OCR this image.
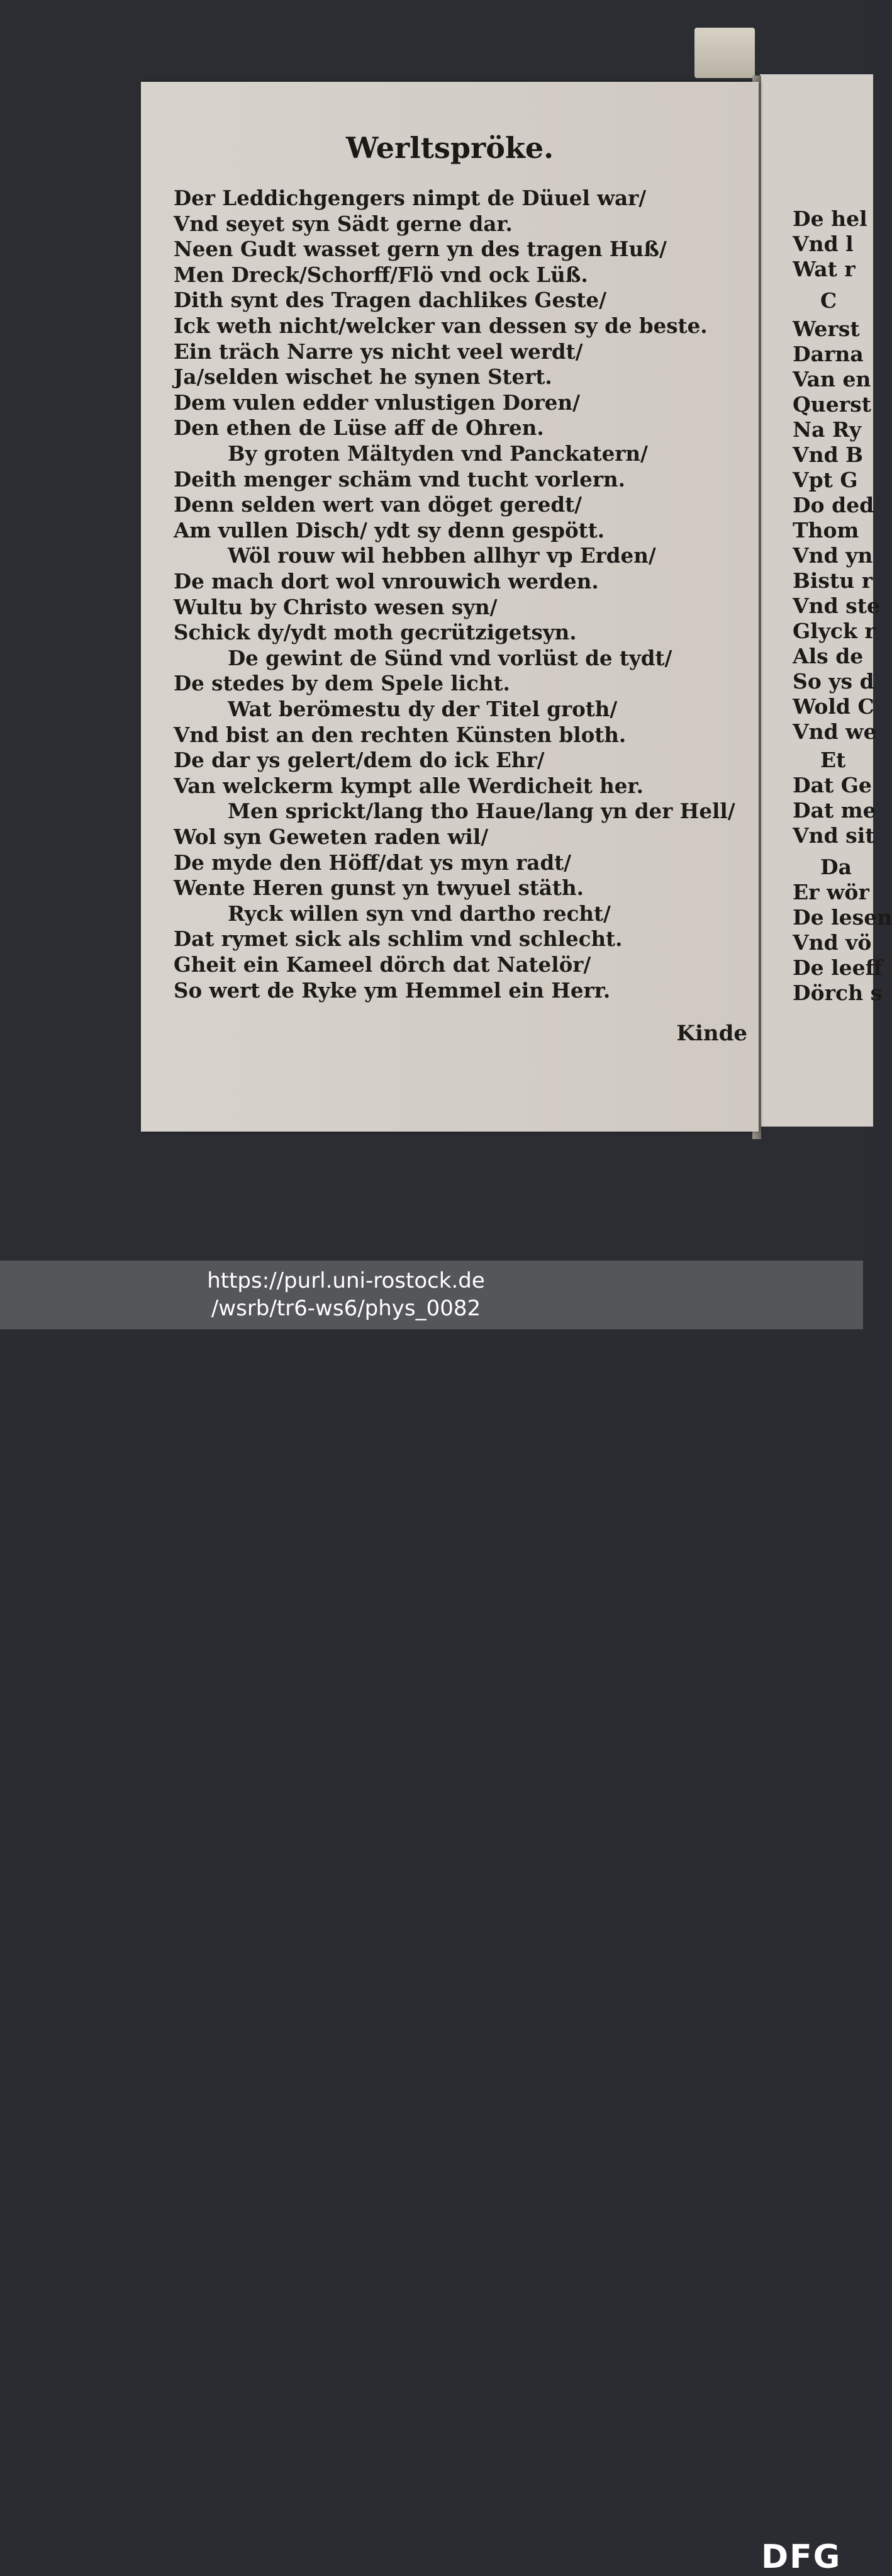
De hel
Vnd l
Wat r
C
Werst
Darna
Van en
Querst
Na Ry
Vnd B
Vpt G
Do ded
Thom
Vnd yn
Bistu r
Vnd ste
Glyck r
Als de
So ys d
Wold C
Vnd we
Et
Dat Ge
Dat me
Vnd sit
Da
Er wör
De lesen
Vnd vö
De leeff
Dörch s
Werltspröke.
Der Leddichgengers nimpt de Düuel war/
Vnd seyet syn Sädt gerne dar.
Neen Gudt wasset gern yn des tragen Huß/
Men Dreck/Schorff/Flö vnd ock Lüß.
Dith synt des Tragen dachlikes Geste/
Ick weth nicht/welcker van dessen sy de beste.
Ein träch Narre ys nicht veel werdt/
Ja/selden wischet he synen Stert.
Dem vulen edder vnlustigen Doren/
Den ethen de Lüse aff de Ohren.
By groten Mältyden vnd Panckatern/
Deith menger schäm vnd tucht vorlern.
Denn selden wert van döget geredt/
Am vullen Disch/ ydt sy denn gespött.
Wöl rouw wil hebben allhyr vp Erden/
De mach dort wol vnrouwich werden.
Wultu by Christo wesen syn/
Schick dy/ydt moth gecrützigetsyn.
De gewint de Sünd vnd vorlüst de tydt/
De stedes by dem Spele licht.
Wat berömestu dy der Titel groth/
Vnd bist an den rechten Künsten bloth.
De dar ys gelert/dem do ick Ehr/
Van welckerm kympt alle Werdicheit her.
Men sprickt/lang tho Haue/lang yn der Hell/
Wol syn Geweten raden wil/
De myde den Höff/dat ys myn radt/
Wente Heren gunst yn twyuel stäth.
Ryck willen syn vnd dartho recht/
Dat rymet sick als schlim vnd schlecht.
Gheit ein Kameel dörch dat Natelör/
So wert de Ryke ym Hemmel ein Herr.
Kinde
https://purl.uni-rostock.de
/wsrb/tr6-ws6/phys_0082
DFG
